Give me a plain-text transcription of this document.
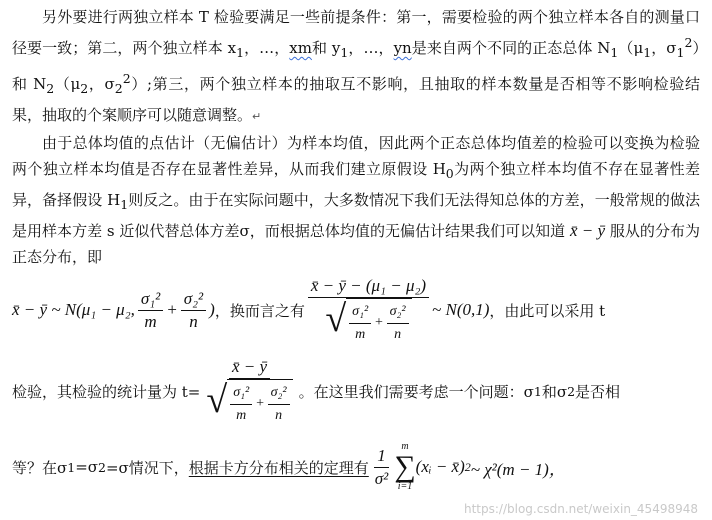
另外要进行两独立样本 T 检验要满足一些前提条件：第一，需要检验的两个独立样本各自的测量口径要一致；第二，两个独立样本 $x_1$，…，xm和 $y_1$，…，yn是来自两个不同的正态总体 $N_1(\mu_1$，$\sigma_1^2$）和 $N_2(\mu_2$，$\sigma_2^2$）;第三，两个独立样本的抽取互不影响，且抽取的样本数量是否相等不影响检验结果，抽取的个案顺序可以随意调整。↵

由于总体均值的点估计（无偏估计）为样本均值，因此两个正态总体均值差的检验可以变换为检验两个独立样本均值是否存在显著性差异，从而我们建立原假设 $H_0$为两个独立样本均值不存在显著性差异，备择假设 $H_1$则反之。由于在实际问题中，大多数情况下我们无法得知总体的方差，一般常规的做法是用样本方差 s 近似代替总体方差σ，而根据总体均值的无偏估计结果我们可以知道 x̄ − ȳ 服从的分布为正态分布，即

x̄ − ȳ ~ N(μ₁ − μ₂, $\frac{\text{σ₁²}}{m} + \frac{\text{σ₂²}}{n}$ ) ，换而言之有 $\frac{\text{x̄ − ȳ − (μ₁ − μ₂)}}{√ \frac{\text{σ₁²}}{m} + \frac{\text{σ₂²}}{n}}$ ~ N(0,1) ，由此可以采用 t
检验，其检验的统计量为 $t= \frac{x̄ - ȳ}{√ \frac{\text{σ₁²}}{m} + \frac{\text{σ₂²}}{n}}$ 。在这里我们需要考虑一个问题：σ 1 和σ 2 是否相
等？在σ 1 =σ 2 =σ情况下， 根据卡方分布相关的定理有 $\frac{1}{\text{σ²}}$ m
∑
i=1
(xᵢ − x̄) 2 ~ χ²(m − 1)，
https://blog.csdn.net/weixin_45498948
